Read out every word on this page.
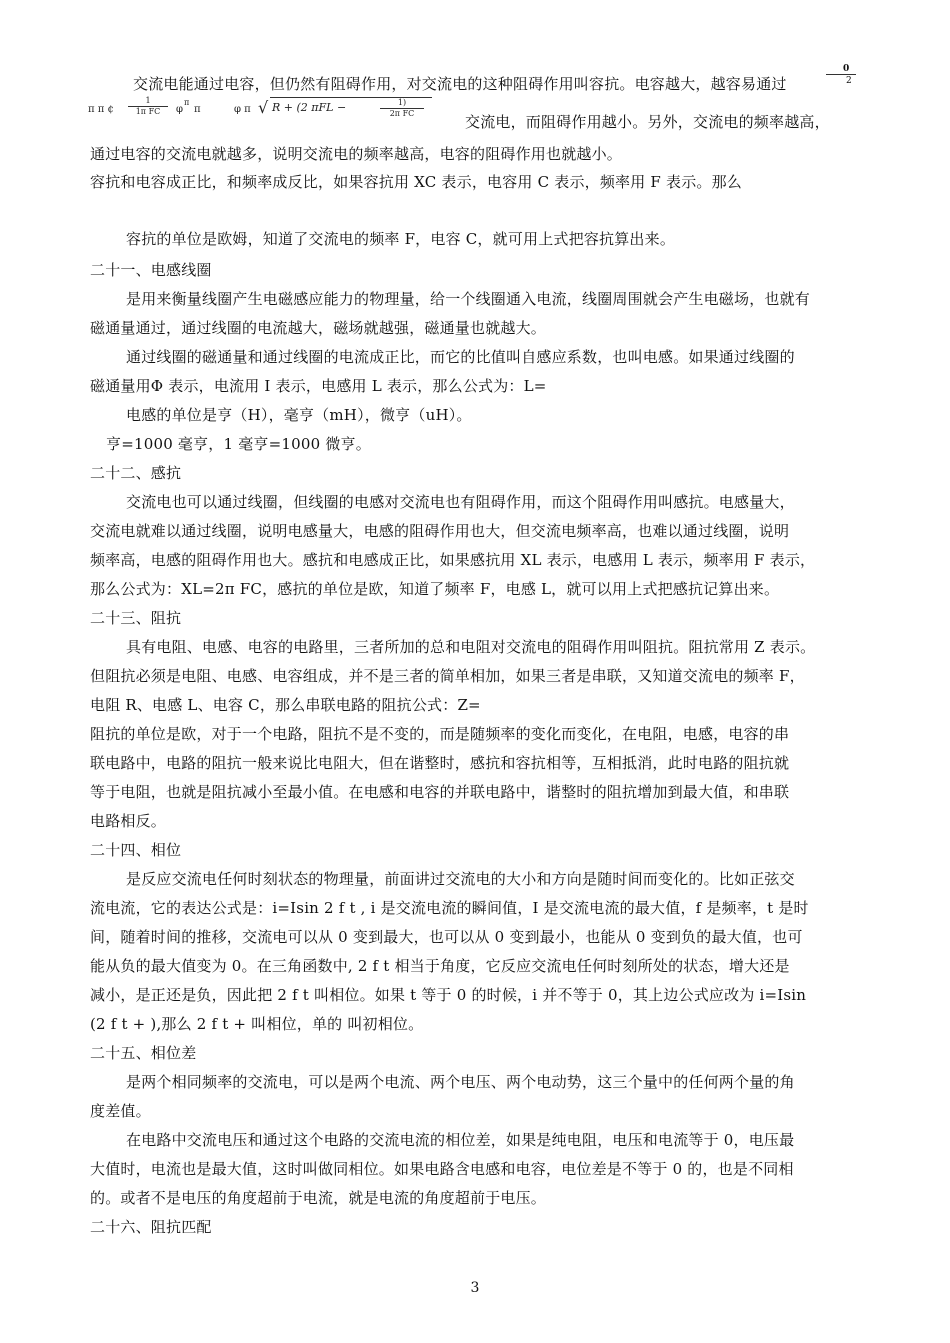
交流电能通过电容，但仍然有阻碍作用，对交流电的这种阻碍作用叫容抗。电容越大，越容易通过
0
2
π π ¢
1
1π FC	φ
π
π	φ π √ R + (2 πFL −	1)
2π FC	交流电，而阻碍作用越小。另外，交流电的频率越高，
通过电容的交流电就越多，说明交流电的频率越高，电容的阻碍作用也就越小。
容抗和电容成正比，和频率成反比，如果容抗用 XC 表示，电容用 C 表示，频率用 F 表示。那么
容抗的单位是欧姆，知道了交流电的频率 F，电容 C，就可用上式把容抗算出来。
二十一、电感线圈
是用来衡量线圈产生电磁感应能力的物理量，给一个线圈通入电流，线圈周围就会产生电磁场，也就有
磁通量通过，通过线圈的电流越大，磁场就越强，磁通量也就越大。
通过线圈的磁通量和通过线圈的电流成正比，而它的比值叫自感应系数，也叫电感。如果通过线圈的
磁通量用Φ 表示，电流用 I 表示，电感用 L 表示，那么公式为：L=
电感的单位是亨（H），毫亨（mH），微亨（uH）。
亨=1000 毫亨，1 毫亨=1000 微亨。
二十二、感抗
交流电也可以通过线圈，但线圈的电感对交流电也有阻碍作用，而这个阻碍作用叫感抗。电感量大，
交流电就难以通过线圈，说明电感量大，电感的阻碍作用也大，但交流电频率高，也难以通过线圈，说明
频率高，电感的阻碍作用也大。感抗和电感成正比，如果感抗用 XL 表示，电感用 L 表示，频率用 F 表示，
那么公式为：XL=2π FC，感抗的单位是欧，知道了频率 F，电感 L，就可以用上式把感抗记算出来。
二十三、阻抗
具有电阻、电感、电容的电路里，三者所加的总和电阻对交流电的阻碍作用叫阻抗。阻抗常用 Z 表示。
但阻抗必须是电阻、电感、电容组成，并不是三者的简单相加，如果三者是串联，又知道交流电的频率 F，
电阻 R、电感 L、电容 C，那么串联电路的阻抗公式：Z=
阻抗的单位是欧，对于一个电路，阻抗不是不变的，而是随频率的变化而变化，在电阻，电感，电容的串
联电路中，电路的阻抗一般来说比电阻大，但在谐整时，感抗和容抗相等，互相抵消，此时电路的阻抗就
等于电阻，也就是阻抗减小至最小值。在电感和电容的并联电路中，谐整时的阻抗增加到最大值，和串联
电路相反。
二十四、相位
是反应交流电任何时刻状态的物理量，前面讲过交流电的大小和方向是随时间而变化的。比如正弦交
流电流，它的表达公式是：i=Isin 2 f t , i 是交流电流的瞬间值，I 是交流电流的最大值，f 是频率，t 是时
间，随着时间的推移，交流电可以从 0 变到最大，也可以从 0 变到最小，也能从 0 变到负的最大值，也可
能从负的最大值变为 0。在三角函数中, 2 f t 相当于角度，它反应交流电任何时刻所处的状态，增大还是
减小，是正还是负，因此把 2 f t 叫相位。如果 t 等于 0 的时候，i 并不等于 0，其上边公式应改为 i=Isin
(2 f t + ),那么 2 f t + 叫相位，单的 叫初相位。
二十五、相位差
是两个相同频率的交流电，可以是两个电流、两个电压、两个电动势，这三个量中的任何两个量的角
度差值。
在电路中交流电压和通过这个电路的交流电流的相位差，如果是纯电阻，电压和电流等于 0，电压最
大值时，电流也是最大值，这时叫做同相位。如果电路含电感和电容，电位差是不等于 0 的，也是不同相
的。或者不是电压的角度超前于电流，就是电流的角度超前于电压。
二十六、阻抗匹配
3
